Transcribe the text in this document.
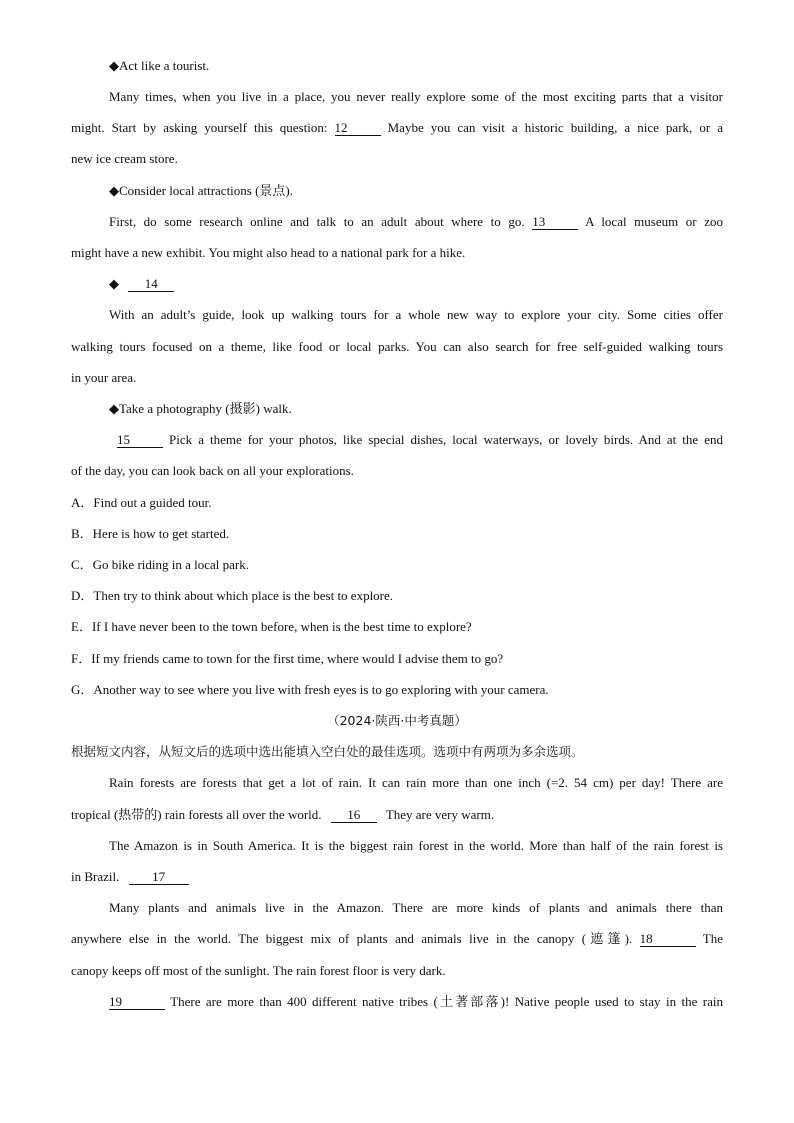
◆Act like a tourist.
Many times, when you live in a place, you never really explore some of the most exciting parts that a visitor
might. Start by asking yourself this question: 12	Maybe you can visit a historic building, a nice park, or a
new ice cream store.
◆Consider local attractions (景点).
First, do some research online and talk to an adult about where to go. 13	A local museum or zoo
might have a new exhibit. You might also head to a national park for a hike.
◆ 14
With an adult’s guide, look up walking tours for a whole new way to explore your city. Some cities offer
walking tours focused on a theme, like food or local parks. You can also search for free self-guided walking tours
in your area.
◆Take a photography (摄影) walk.
15	Pick a theme for your photos, like special dishes, local waterways, or lovely birds. And at the end
of the day, you can look back on all your explorations.
A．Find out a guided tour.
B．Here is how to get started.
C．Go bike riding in a local park.
D．Then try to think about which place is the best to explore.
E．If I have never been to the town before, when is the best time to explore?
F．If my friends came to town for the first time, where would I advise them to go?
G．Another way to see where you live with fresh eyes is to go exploring with your camera.
（2024·陕西·中考真题）
根据短文内容，从短文后的选项中选出能填入空白处的最佳选项。选项中有两项为多余选项。
Rain forests are forests that get a lot of rain. It can rain more than one inch (=2. 54 cm) per day! There are
tropical (热带的) rain forests all over the world. 16 They are very warm.
The Amazon is in South America. It is the biggest rain forest in the world. More than half of the rain forest is
in Brazil.	17
Many plants and animals live in the Amazon. There are more kinds of plants and animals there than
anywhere else in the world. The biggest mix of plants and animals live in the canopy (遮篷). 18	The
canopy keeps off most of the sunlight. The rain forest floor is very dark.
19	There are more than 400 different native tribes (土著部落)! Native people used to stay in the rain
